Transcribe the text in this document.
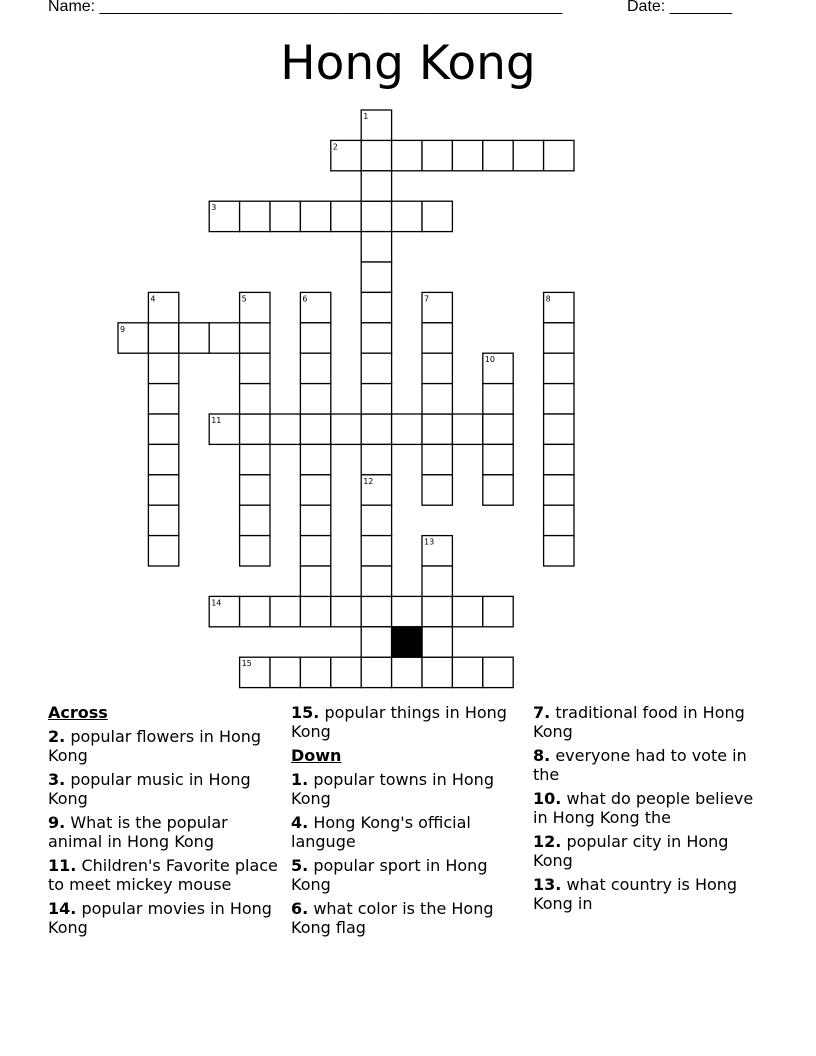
Name: ____________________________________________________	Date: _______
Hong Kong
2
3
9
11
14
15
1
4	5	6	7	8
10
12
13
Across
2. popular flowers in Hong Kong
3. popular music in Hong Kong
9. What is the popular animal in Hong Kong
11. Children's Favorite place to meet mickey mouse
14. popular movies in Hong Kong
15. popular things in Hong Kong
Down
1. popular towns in Hong Kong
4. Hong Kong's official languge
5. popular sport in Hong Kong
6. what color is the Hong Kong flag
7. traditional food in Hong Kong
8. everyone had to vote in the
10. what do people believe in Hong Kong the
12. popular city in Hong Kong
13. what country is Hong Kong in
